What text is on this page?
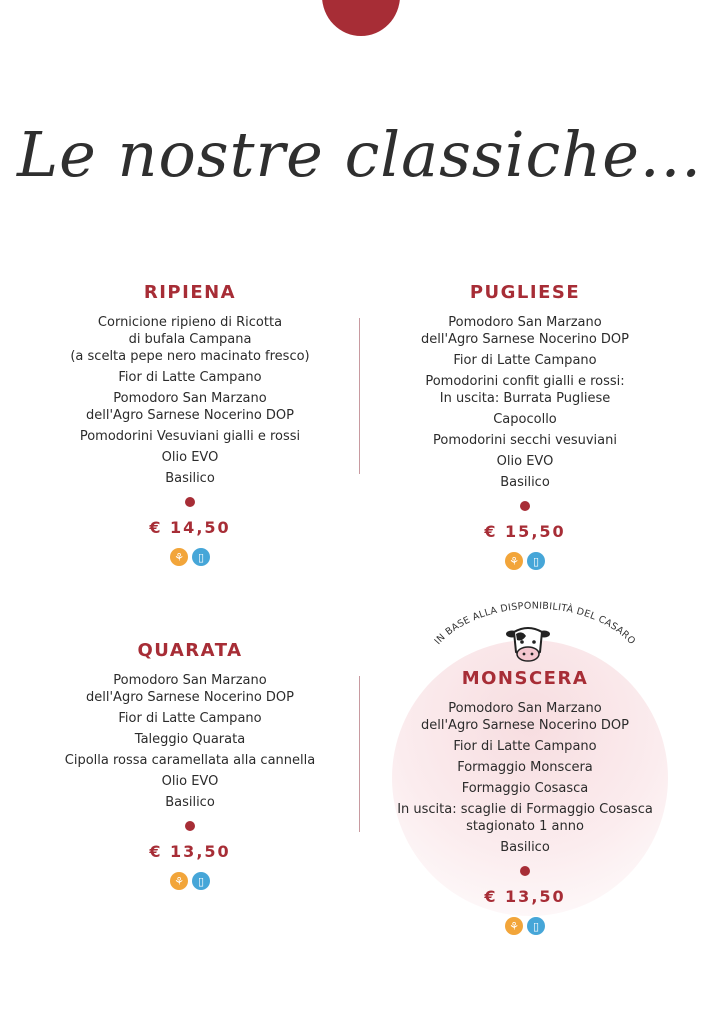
Le nostre classiche...
IN BASE ALLA DISPONIBILITÀ DEL CASARO
RIPIENA
Cornicione ripieno di Ricotta
di bufala Campana
(a scelta pepe nero macinato fresco)
Fior di Latte Campano
Pomodoro San Marzano
dell'Agro Sarnese Nocerino DOP
Pomodorini Vesuviani gialli e rossi
Olio EVO
Basilico
€ 14,50
⚘	▯
PUGLIESE
Pomodoro San Marzano
dell'Agro Sarnese Nocerino DOP
Fior di Latte Campano
Pomodorini confit gialli e rossi:
In uscita: Burrata Pugliese
Capocollo
Pomodorini secchi vesuviani
Olio EVO
Basilico
€ 15,50
⚘	▯
QUARATA
Pomodoro San Marzano
dell'Agro Sarnese Nocerino DOP
Fior di Latte Campano
Taleggio Quarata
Cipolla rossa caramellata alla cannella
Olio EVO
Basilico
€ 13,50
⚘	▯
MONSCERA
Pomodoro San Marzano
dell'Agro Sarnese Nocerino DOP
Fior di Latte Campano
Formaggio Monscera
Formaggio Cosasca
In uscita: scaglie di Formaggio Cosasca
stagionato 1 anno
Basilico
€ 13,50
⚘	▯
